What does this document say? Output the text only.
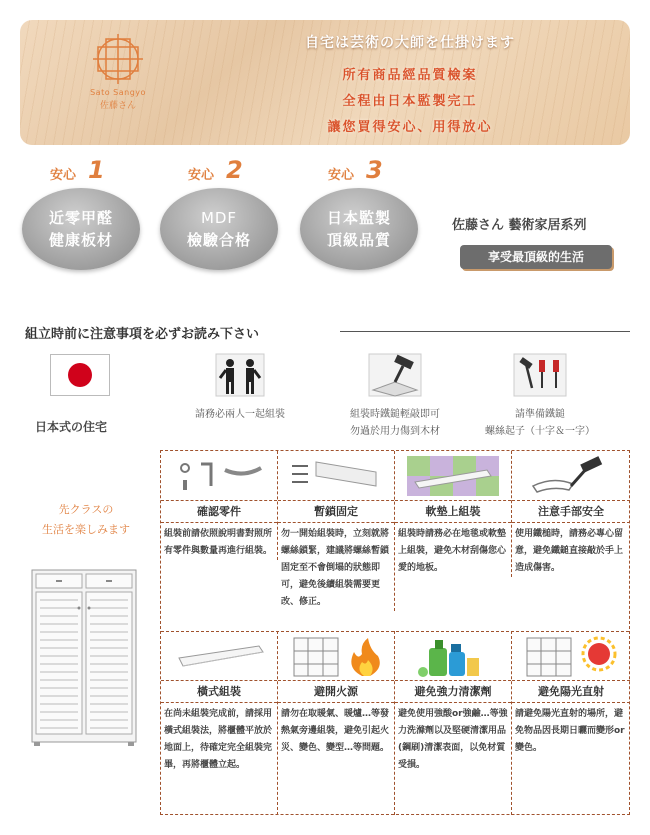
Sato Sangyo
佐藤さん
自宅は芸術の大師を仕掛けます
所有商品經品質檢案
全程由日本監製完工
讓您買得安心、用得放心
安心 1
近零甲醛
健康板材
安心 2
MDF
檢驗合格
安心 3
日本監製
頂級品質
佐藤さん 藝術家居系列
享受最頂級的生活
組立時前に注意事項を必ずお読み下さい
日本式の住宅
請務必兩人一起組裝	組裝時鐵鎚輕敲即可
勿過於用力傷到木材
請準備鐵鎚
螺絲起子（十字＆一字）
先クラスの
生活を楽しみます
確認零件
組裝前請依照說明書對照所有零件與數量再進行組裝。
暫鎖固定
勿一開始組裝時，立刻就將螺絲鎖緊，建議將螺絲暫鎖固定至不會倒塌的狀態即可，避免後續組裝需要更改、修正。
軟墊上組裝
組裝時請務必在地毯或軟墊上組裝，避免木材刮傷您心愛的地板。
注意手部安全
使用鐵槌時，請務必專心留意，避免鐵鎚直接敲於手上造成傷害。
橫式組裝
在尚未組裝完成前，請採用橫式組裝法，將櫃體平放於地面上，待確定完全組裝完畢，再將櫃體立起。
避開火源
請勿在取暖氣、暖爐…等發熱氣旁邊組裝，避免引起火災、變色、變型…等問題。
避免強力清潔劑
避免使用強酸or強鹼…等強力洗滌劑以及堅硬清潔用品(鋼刷)清潔表面，以免材質受損。
避免陽光直射
請避免陽光直射的場所，避免物品因長期日曬而變形or變色。
